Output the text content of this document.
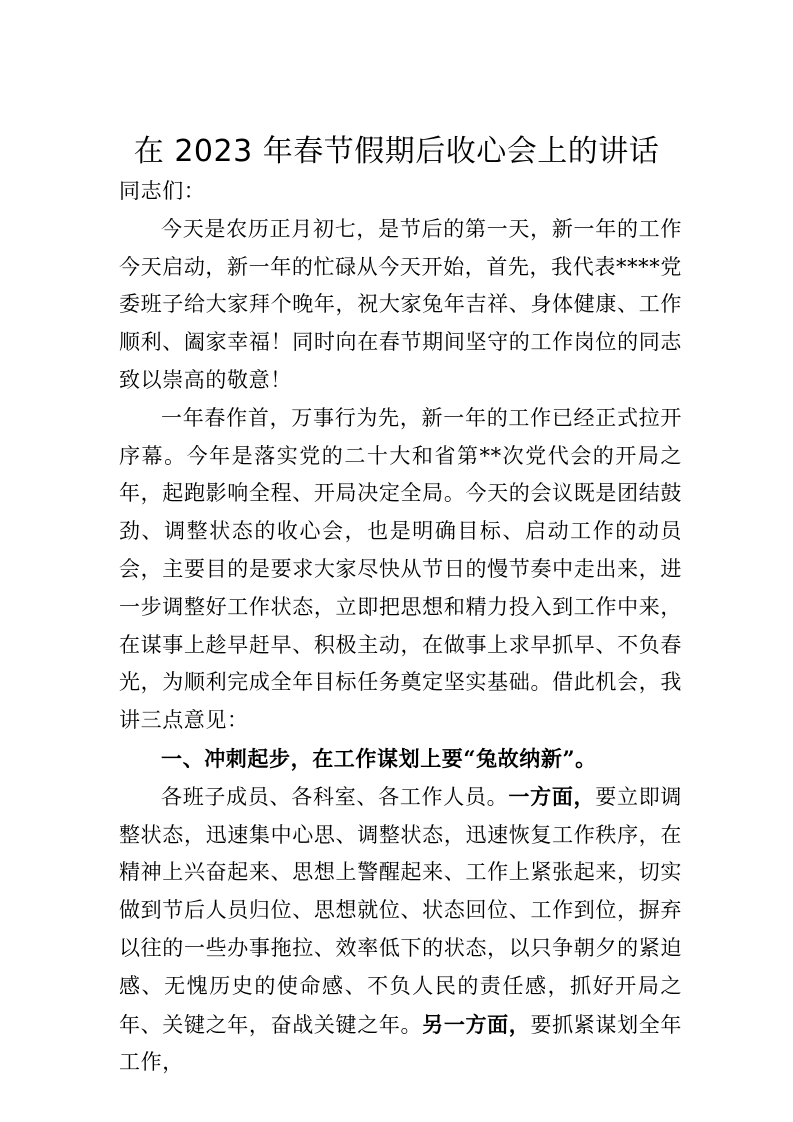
在 2023 年春节假期后收心会上的讲话

同志们：

今天是农历正月初七，是节后的第一天，新一年的工作今天启动，新一年的忙碌从今天开始，首先，我代表****党委班子给大家拜个晚年，祝大家兔年吉祥、身体健康、工作顺利、阖家幸福！同时向在春节期间坚守的工作岗位的同志致以崇高的敬意！

一年春作首，万事行为先，新一年的工作已经正式拉开序幕。今年是落实党的二十大和省第**次党代会的开局之年，起跑影响全程、开局决定全局。今天的会议既是团结鼓劲、调整状态的收心会，也是明确目标、启动工作的动员会，主要目的是要求大家尽快从节日的慢节奏中走出来，进一步调整好工作状态，立即把思想和精力投入到工作中来，在谋事上趁早赶早、积极主动，在做事上求早抓早、不负春光，为顺利完成全年目标任务奠定坚实基础。借此机会，我讲三点意见：

一、冲刺起步，在工作谋划上要“兔故纳新”。

各班子成员、各科室、各工作人员。一方面，要立即调整状态，迅速集中心思、调整状态，迅速恢复工作秩序，在精神上兴奋起来、思想上警醒起来、工作上紧张起来，切实做到节后人员归位、思想就位、状态回位、工作到位，摒弃以往的一些办事拖拉、效率低下的状态，以只争朝夕的紧迫感、无愧历史的使命感、不负人民的责任感，抓好开局之年、关键之年，奋战关键之年。另一方面，要抓紧谋划全年工作，
